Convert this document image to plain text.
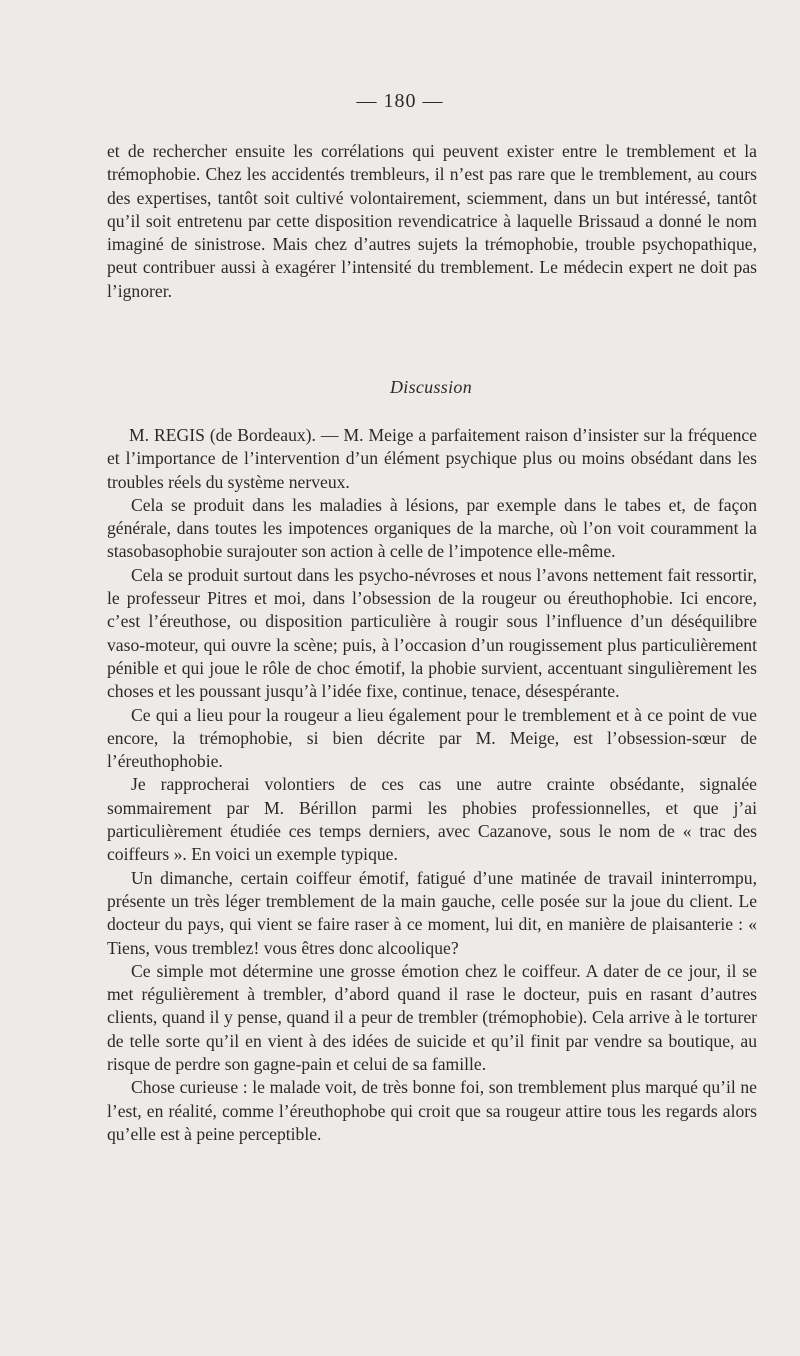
— 180 —

et de rechercher ensuite les corrélations qui peuvent exister entre le tremblement et la trémophobie. Chez les accidentés trembleurs, il n’est pas rare que le tremblement, au cours des expertises, tantôt soit cultivé volontairement, sciemment, dans un but intéressé, tantôt qu’il soit entretenu par cette disposition revendicatrice à laquelle Brissaud a donné le nom imaginé de sinistrose. Mais chez d’autres sujets la trémophobie, trouble psychopathique, peut contribuer aussi à exagérer l’intensité du tremblement. Le médecin expert ne doit pas l’ignorer.

Discussion

M. REGIS (de Bordeaux). — M. Meige a parfaitement raison d’insister sur la fréquence et l’importance de l’intervention d’un élément psychique plus ou moins obsédant dans les troubles réels du système nerveux.

Cela se produit dans les maladies à lésions, par exemple dans le tabes et, de façon générale, dans toutes les impotences organiques de la marche, où l’on voit couramment la stasobasophobie surajouter son action à celle de l’impotence elle-même.

Cela se produit surtout dans les psycho-névroses et nous l’avons nettement fait ressortir, le professeur Pitres et moi, dans l’obsession de la rougeur ou éreuthophobie. Ici encore, c’est l’éreuthose, ou disposition particulière à rougir sous l’influence d’un déséquilibre vaso-moteur, qui ouvre la scène; puis, à l’occasion d’un rougissement plus particulièrement pénible et qui joue le rôle de choc émotif, la phobie survient, accentuant singulièrement les choses et les poussant jusqu’à l’idée fixe, continue, tenace, désespérante.

Ce qui a lieu pour la rougeur a lieu également pour le tremblement et à ce point de vue encore, la trémophobie, si bien décrite par M. Meige, est l’obsession-sœur de l’éreuthophobie.

Je rapprocherai volontiers de ces cas une autre crainte obsédante, signalée sommairement par M. Bérillon parmi les phobies professionnelles, et que j’ai particulièrement étudiée ces temps derniers, avec Cazanove, sous le nom de « trac des coiffeurs ». En voici un exemple typique.

Un dimanche, certain coiffeur émotif, fatigué d’une matinée de travail ininterrompu, présente un très léger tremblement de la main gauche, celle posée sur la joue du client. Le docteur du pays, qui vient se faire raser à ce moment, lui dit, en manière de plaisanterie : « Tiens, vous tremblez! vous êtres donc alcoolique?

Ce simple mot détermine une grosse émotion chez le coiffeur. A dater de ce jour, il se met régulièrement à trembler, d’abord quand il rase le docteur, puis en rasant d’autres clients, quand il y pense, quand il a peur de trembler (trémophobie). Cela arrive à le torturer de telle sorte qu’il en vient à des idées de suicide et qu’il finit par vendre sa boutique, au risque de perdre son gagne-pain et celui de sa famille.

Chose curieuse : le malade voit, de très bonne foi, son tremblement plus marqué qu’il ne l’est, en réalité, comme l’éreuthophobe qui croit que sa rougeur attire tous les regards alors qu’elle est à peine perceptible.
